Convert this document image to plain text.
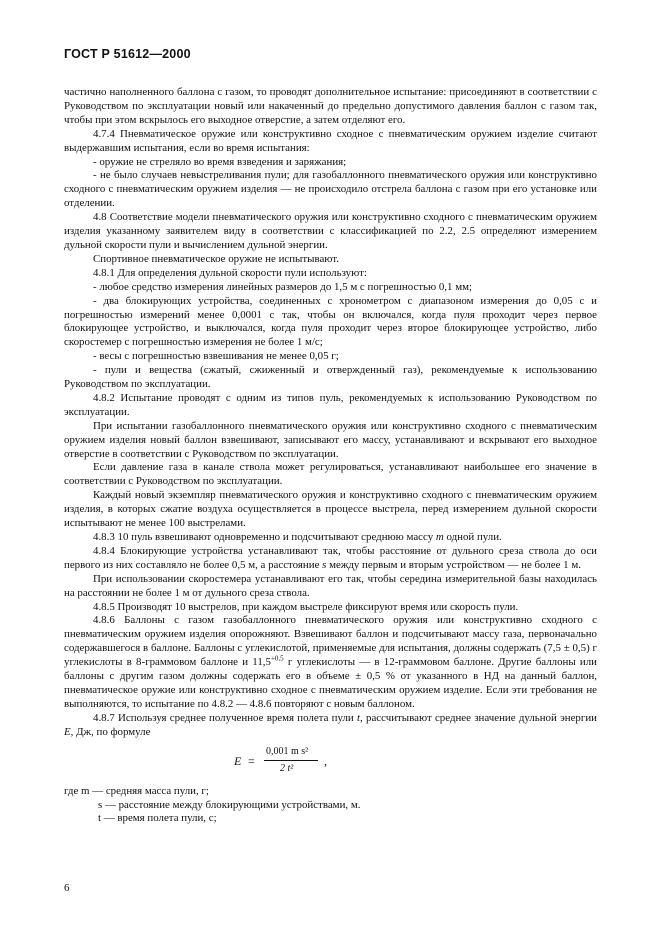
ГОСТ Р 51612—2000

частично наполненного баллона с газом, то проводят дополнительное испытание: присоединяют в соответствии с Руководством по эксплуатации новый или накаченный до предельно допустимого давления баллон с газом так, чтобы при этом вскрылось его выходное отверстие, а затем отделяют его.

4.7.4 Пневматическое оружие или конструктивно сходное с пневматическим оружием изделие считают выдержавшим испытания, если во время испытания:

- оружие не стреляло во время взведения и заряжания;

- не было случаев невыстреливания пули; для газобаллонного пневматического оружия или конструктивно сходного с пневматическим оружием изделия — не происходило отстрела баллона с газом при его установке или отделении.

4.8 Соответствие модели пневматического оружия или конструктивно сходного с пневматическим оружием изделия указанному заявителем виду в соответствии с классификацией по 2.2, 2.5 определяют измерением дульной скорости пули и вычислением дульной энергии.

Спортивное пневматическое оружие не испытывают.

4.8.1 Для определения дульной скорости пули используют:

- любое средство измерения линейных размеров до 1,5 м с погрешностью 0,1 мм;

- два блокирующих устройства, соединенных с хронометром с диапазоном измерения до 0,05 с и погрешностью измерений менее 0,0001 с так, чтобы он включался, когда пуля проходит через первое блокирующее устройство, и выключался, когда пуля проходит через второе блокирующее устройство, либо скоростемер с погрешностью измерения не более 1 м/с;

- весы с погрешностью взвешивания не менее 0,05 г;

- пули и вещества (сжатый, сжиженный и отвержденный газ), рекомендуемые к использованию Руководством по эксплуатации.

4.8.2 Испытание проводят с одним из типов пуль, рекомендуемых к использованию Руководством по эксплуатации.

При испытании газобаллонного пневматического оружия или конструктивно сходного с пневматическим оружием изделия новый баллон взвешивают, записывают его массу, устанавливают и вскрывают его выходное отверстие в соответствии с Руководством по эксплуатации.

Если давление газа в канале ствола может регулироваться, устанавливают наибольшее его значение в соответствии с Руководством по эксплуатации.

Каждый новый экземпляр пневматического оружия и конструктивно сходного с пневматическим оружием изделия, в которых сжатие воздуха осуществляется в процессе выстрела, перед измерением дульной скорости испытывают не менее 100 выстрелами.

4.8.3 10 пуль взвешивают одновременно и подсчитывают среднюю массу m одной пули.

4.8.4 Блокирующие устройства устанавливают так, чтобы расстояние от дульного среза ствола до оси первого из них составляло не более 0,5 м, а расстояние s между первым и вторым устройством — не более 1 м.

При использовании скоростемера устанавливают его так, чтобы середина измерительной базы находилась на расстоянии не более 1 м от дульного среза ствола.

4.8.5 Производят 10 выстрелов, при каждом выстреле фиксируют время или скорость пули.

4.8.6 Баллоны с газом газобаллонного пневматического оружия или конструктивно сходного с пневматическим оружием изделия опорожняют. Взвешивают баллон и подсчитывают массу газа, первоначально содержавшегося в баллоне. Баллоны с углекислотой, применяемые для испытания, должны содержать (7,5 ± 0,5) г углекислоты в 8-граммовом баллоне и $11,5^{+0,5}$ г углекислоты — в 12-граммовом баллоне. Другие баллоны или баллоны с другим газом должны содержать его в объеме ± 0,5 % от указанного в НД на данный баллон, пневматическое оружие или конструктивно сходное с пневматическим оружием изделие. Если эти требования не выполняются, то испытание по 4.8.2 — 4.8.6 повторяют с новым баллоном.

4.8.7 Используя среднее полученное время полета пули t, рассчитывают среднее значение дульной энергии E, Дж, по формуле

E =
0,001 m s²
2 t²
,

где m — средняя масса пули, г;

s — расстояние между блокирующими устройствами, м.

t — время полета пули, с;

6
